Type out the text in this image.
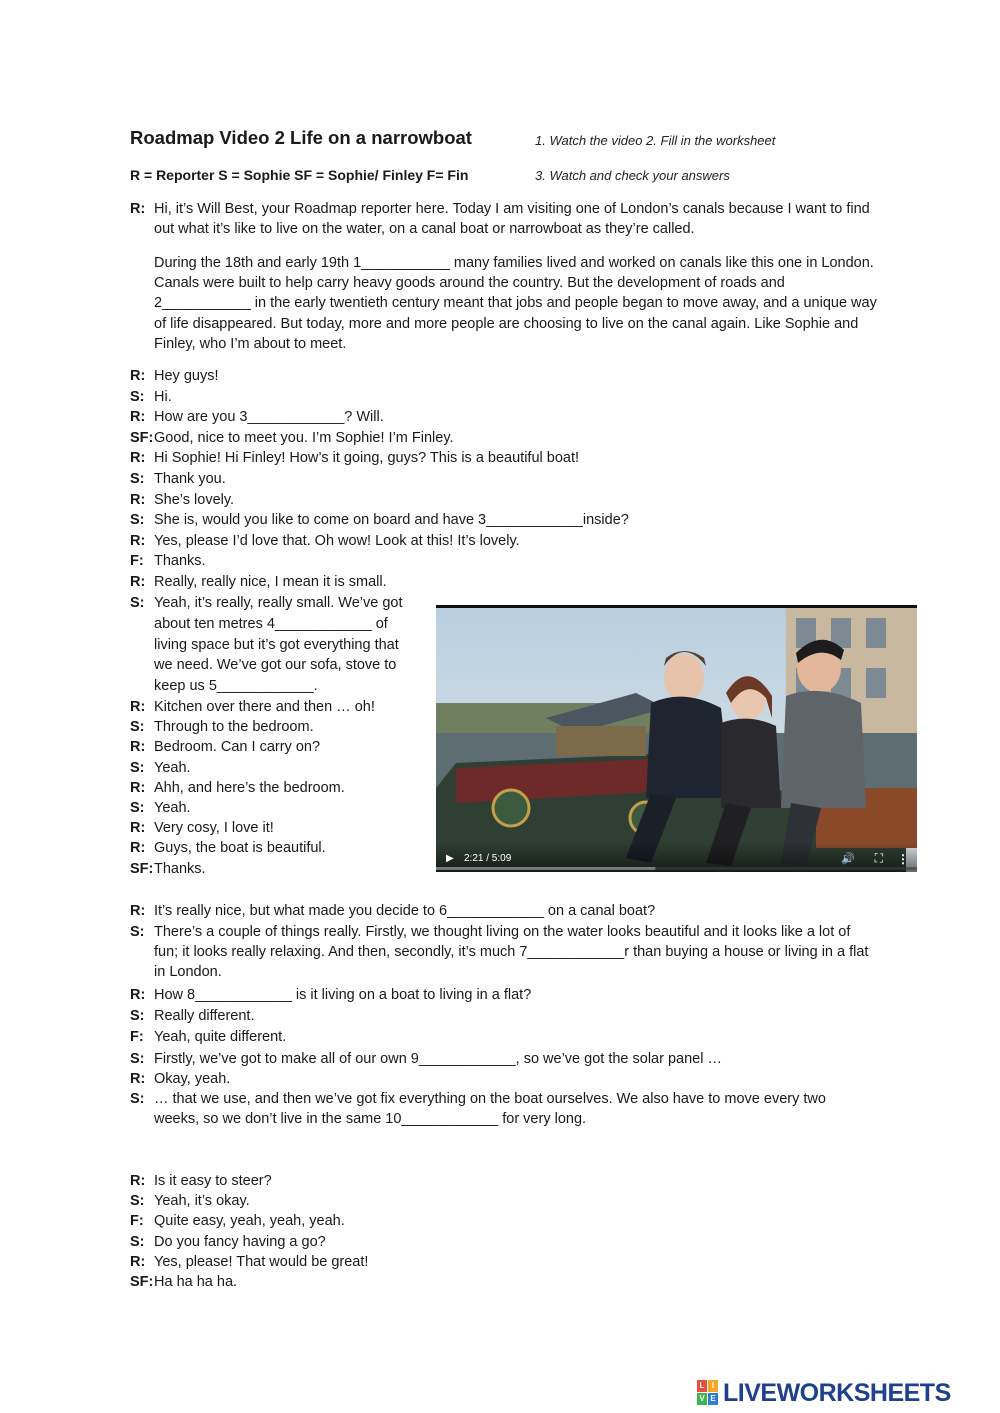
Roadmap Video 2 Life on a narrowboat	1. Watch the video 2. Fill in the worksheet
3. Watch and check your answers
R = Reporter S = Sophie SF = Sophie/ Finley F= Fin
R: Hi, it’s Will Best, your Roadmap reporter here. Today I am visiting one of London’s canals because I want to find out what it’s like to live on the water, on a canal boat or narrowboat as they’re called.
During the 18th and early 19th 1___________ many families lived and worked on canals like this one in London. Canals were built to help carry heavy goods around the country. But the development of roads and 2___________ in the early twentieth century meant that jobs and people began to move away, and a unique way of life disappeared. But today, more and more people are choosing to live on the canal again. Like Sophie and Finley, who I’m about to meet.
R: Hey guys!
S: Hi.
R: How are you 3____________? Will.
SF:Good, nice to meet you. I’m Sophie! I’m Finley.
R: Hi Sophie! Hi Finley! How’s it going, guys? This is a beautiful boat!
S: Thank you.
R: She’s lovely.
S: She is, would you like to come on board and have 3____________inside?
R: Yes, please I’d love that. Oh wow! Look at this! It’s lovely.
F: Thanks.
R: Really, really nice, I mean it is small.
S: Yeah, it’s really, really small. We’ve got
about ten metres 4____________ of
living space but it’s got everything that
we need. We’ve got our sofa, stove to
keep us 5____________.
R: Kitchen over there and then … oh!
S: Through to the bedroom.
R: Bedroom. Can I carry on?
S: Yeah.
R: Ahh, and here’s the bedroom.
S: Yeah.
R: Very cosy, I love it!
R: Guys, the boat is beautiful.
SF:Thanks.
▶ 2:21 / 5:09	🔊 ⛶ ⋮
R: It’s really nice, but what made you decide to 6____________ on a canal boat?
S: There’s a couple of things really. Firstly, we thought living on the water looks beautiful and it looks like a lot of fun; it looks really relaxing. And then, secondly, it’s much 7____________r than buying a house or living in a flat in London.
R: How 8____________ is it living on a boat to living in a flat?
S: Really different.
F: Yeah, quite different.
S: Firstly, we’ve got to make all of our own 9____________, so we’ve got the solar panel …
R: Okay, yeah.
S: … that we use, and then we’ve got fix everything on the boat ourselves. We also have to move every two weeks, so we don’t live in the same 10____________ for very long.
R: Is it easy to steer?
S: Yeah, it’s okay.
F: Quite easy, yeah, yeah, yeah.
S: Do you fancy having a go?
R: Yes, please! That would be great!
SF:Ha ha ha ha.
L I
V E LIVEWORKSHEETS
